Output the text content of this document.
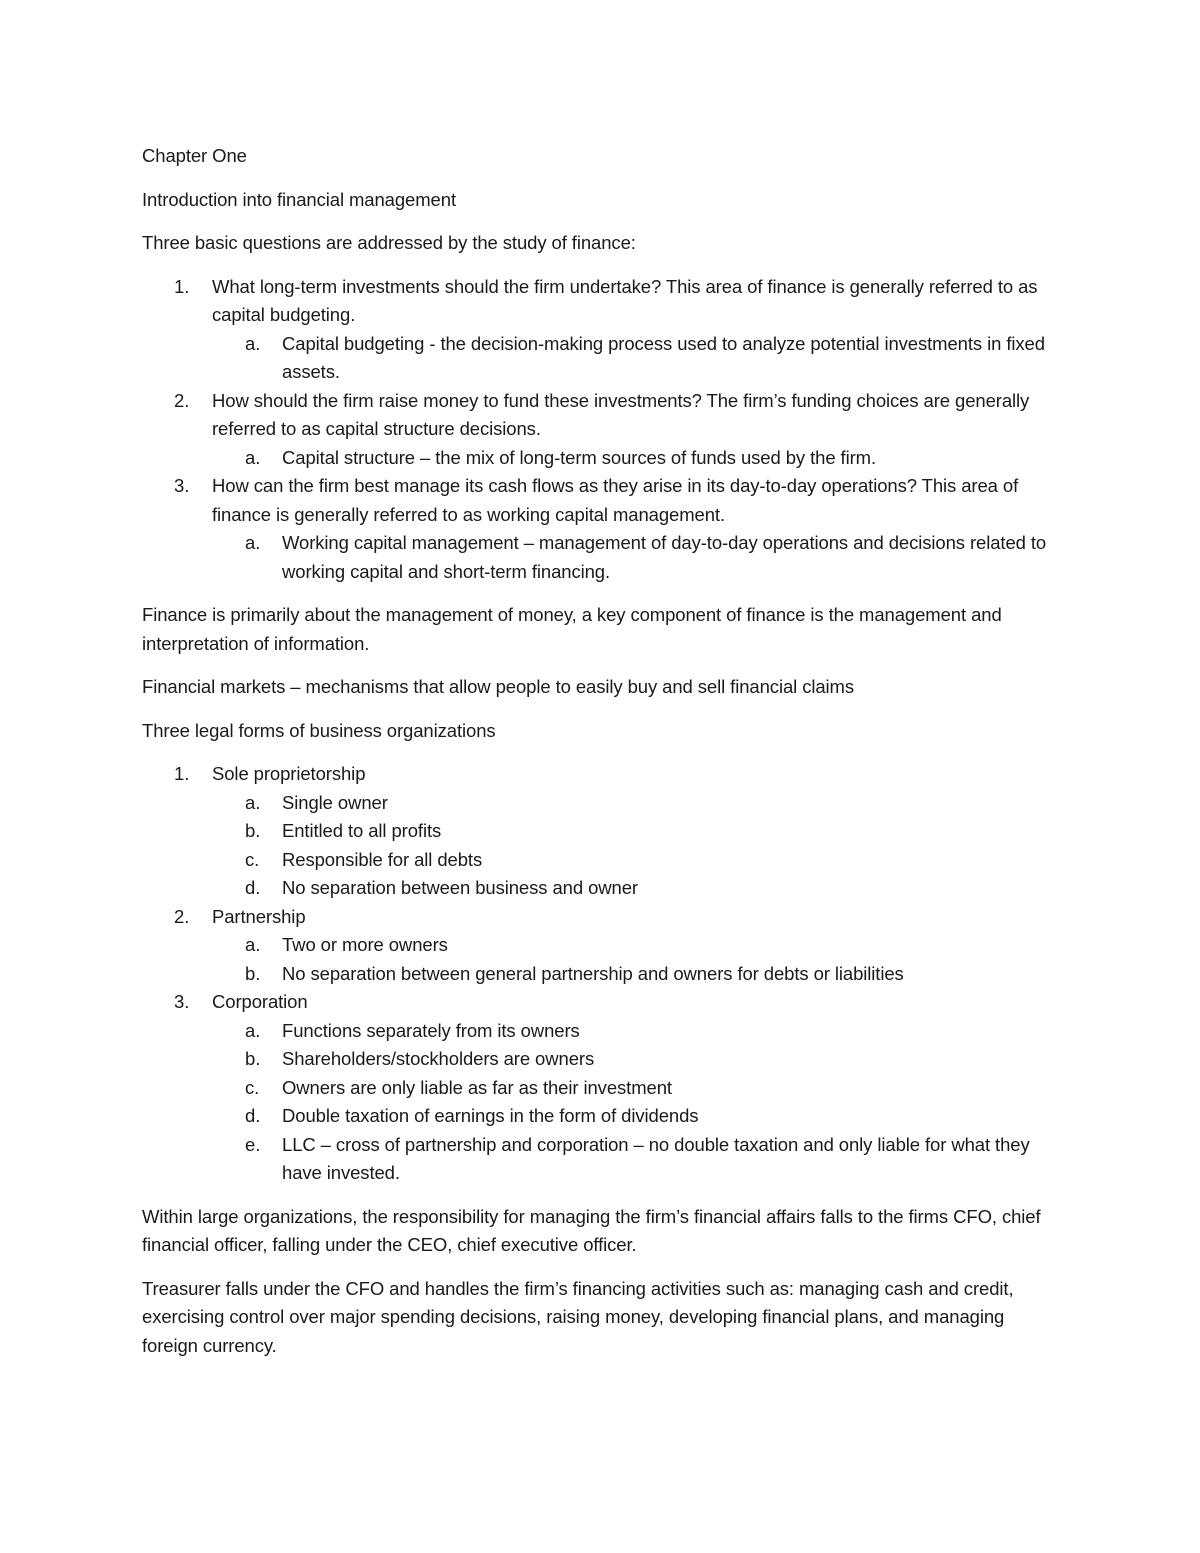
Chapter One

Introduction into financial management

Three basic questions are addressed by the study of finance:

1. What long-term investments should the firm undertake? This area of finance is generally referred to as capital budgeting.
a. Capital budgeting - the decision-making process used to analyze potential investments in fixed assets.
2. How should the firm raise money to fund these investments? The firm’s funding choices are generally referred to as capital structure decisions.
a. Capital structure – the mix of long-term sources of funds used by the firm.
3. How can the firm best manage its cash flows as they arise in its day-to-day operations? This area of finance is generally referred to as working capital management.
a. Working capital management – management of day-to-day operations and decisions related to working capital and short-term financing.

Finance is primarily about the management of money, a key component of finance is the management and interpretation of information.

Financial markets – mechanisms that allow people to easily buy and sell financial claims

Three legal forms of business organizations

1. Sole proprietorship
a. Single owner
b. Entitled to all profits
c. Responsible for all debts
d. No separation between business and owner
2. Partnership
a. Two or more owners
b. No separation between general partnership and owners for debts or liabilities
3. Corporation
a. Functions separately from its owners
b. Shareholders/stockholders are owners
c. Owners are only liable as far as their investment
d. Double taxation of earnings in the form of dividends
e. LLC – cross of partnership and corporation – no double taxation and only liable for what they have invested.

Within large organizations, the responsibility for managing the firm’s financial affairs falls to the firms CFO, chief financial officer, falling under the CEO, chief executive officer.

Treasurer falls under the CFO and handles the firm’s financing activities such as: managing cash and credit, exercising control over major spending decisions, raising money, developing financial plans, and managing foreign currency.
